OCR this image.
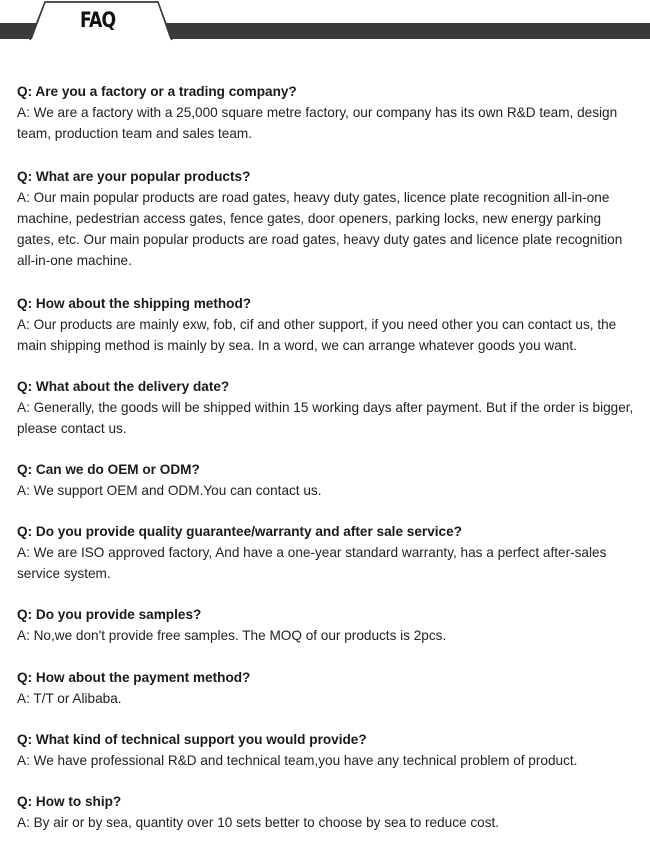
FAQ
Q: Are you a factory or a trading company?
A: We are a factory with a 25,000 square metre factory, our company has its own R&D team, design team, production team and sales team.
Q: What are your popular products?
A: Our main popular products are road gates, heavy duty gates, licence plate recognition all-in-one machine, pedestrian access gates, fence gates, door openers, parking locks, new energy parking gates, etc. Our main popular products are road gates, heavy duty gates and licence plate recognition all-in-one machine.
Q: How about the shipping method?
A: Our products are mainly exw, fob, cif and other support, if you need other you can contact us, the main shipping method is mainly by sea. In a word, we can arrange whatever goods you want.
Q: What about the delivery date?
A: Generally, the goods will be shipped within 15 working days after payment. But if the order is bigger, please contact us.
Q: Can we do OEM or ODM?
A: We support OEM and ODM.You can contact us.
Q: Do you provide quality guarantee/warranty and after sale service?
A: We are ISO approved factory, And have a one-year standard warranty, has a perfect after-sales service system.
Q: Do you provide samples?
A: No,we don't provide free samples. The MOQ of our products is 2pcs.
Q: How about the payment method?
A: T/T or Alibaba.
Q: What kind of technical support you would provide?
A: We have professional R&D and technical team,you have any technical problem of product.
Q: How to ship?
A: By air or by sea, quantity over 10 sets better to choose by sea to reduce cost.
